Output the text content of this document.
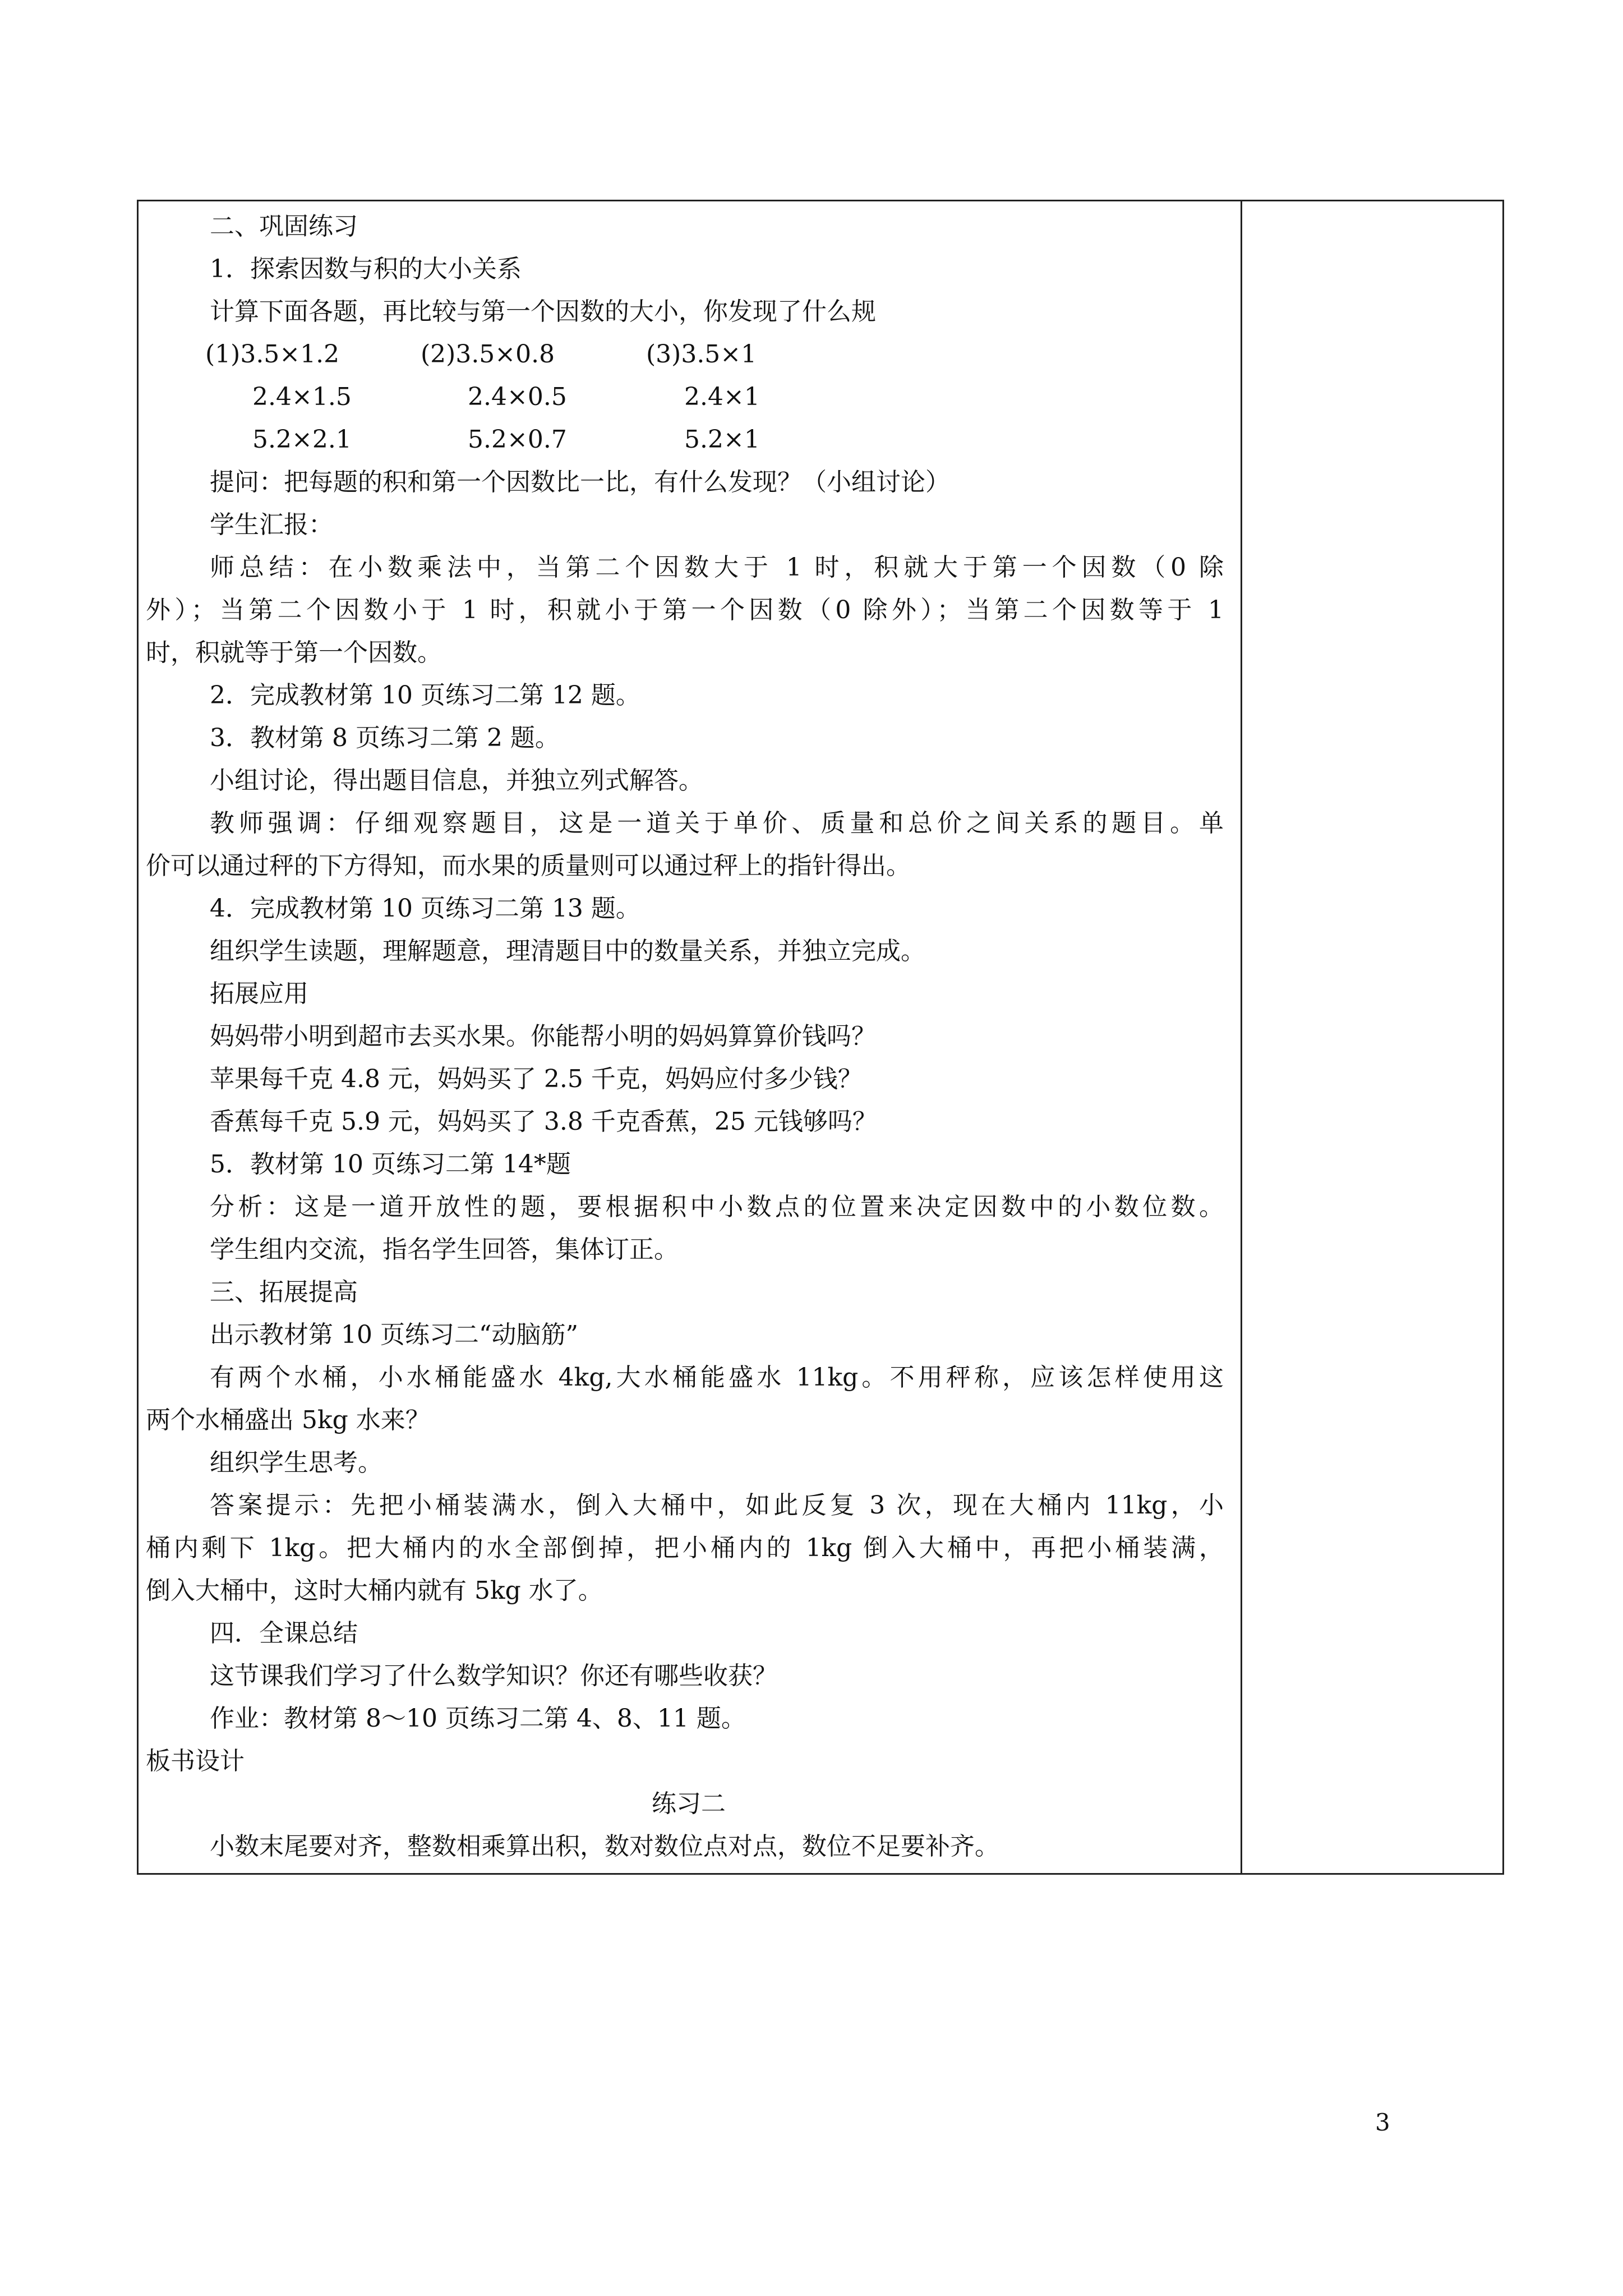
二、巩固练习
1．探索因数与积的大小关系
计算下面各题，再比较与第一个因数的大小，你发现了什么规
(1)3.5×1.2	(2)3.5×0.8	(3)3.5×1
2.4×1.5	2.4×0.5	2.4×1
5.2×2.1	5.2×0.7	5.2×1
提问：把每题的积和第一个因数比一比，有什么发现？（小组讨论）
学生汇报：
师总结：在小数乘法中，当第二个因数大于 1 时，积就大于第一个因数（0 除
外）；当第二个因数小于 1 时，积就小于第一个因数（0 除外）；当第二个因数等于 1
时，积就等于第一个因数。
2．完成教材第 10 页练习二第 12 题。
3．教材第 8 页练习二第 2 题。
小组讨论，得出题目信息，并独立列式解答。
教师强调：仔细观察题目，这是一道关于单价、质量和总价之间关系的题目。单
价可以通过秤的下方得知，而水果的质量则可以通过秤上的指针得出。
4．完成教材第 10 页练习二第 13 题。
组织学生读题，理解题意，理清题目中的数量关系，并独立完成。
拓展应用
妈妈带小明到超市去买水果。你能帮小明的妈妈算算价钱吗？
苹果每千克 4.8 元，妈妈买了 2.5 千克，妈妈应付多少钱？
香蕉每千克 5.9 元，妈妈买了 3.8 千克香蕉，25 元钱够吗？
5．教材第 10 页练习二第 14*题
分析：这是一道开放性的题，要根据积中小数点的位置来决定因数中的小数位数。
学生组内交流，指名学生回答，集体订正。
三、拓展提高
出示教材第 10 页练习二“动脑筋”
有两个水桶，小水桶能盛水 4kg,大水桶能盛水 11kg。不用秤称，应该怎样使用这
两个水桶盛出 5kg 水来？
组织学生思考。
答案提示：先把小桶装满水，倒入大桶中，如此反复 3 次，现在大桶内 11kg，小
桶内剩下 1kg。把大桶内的水全部倒掉，把小桶内的 1kg 倒入大桶中，再把小桶装满，
倒入大桶中，这时大桶内就有 5kg 水了。
四．全课总结
这节课我们学习了什么数学知识？你还有哪些收获？
作业：教材第 8～10 页练习二第 4、8、11 题。
板书设计
练习二
小数末尾要对齐，整数相乘算出积，数对数位点对点，数位不足要补齐。
3
